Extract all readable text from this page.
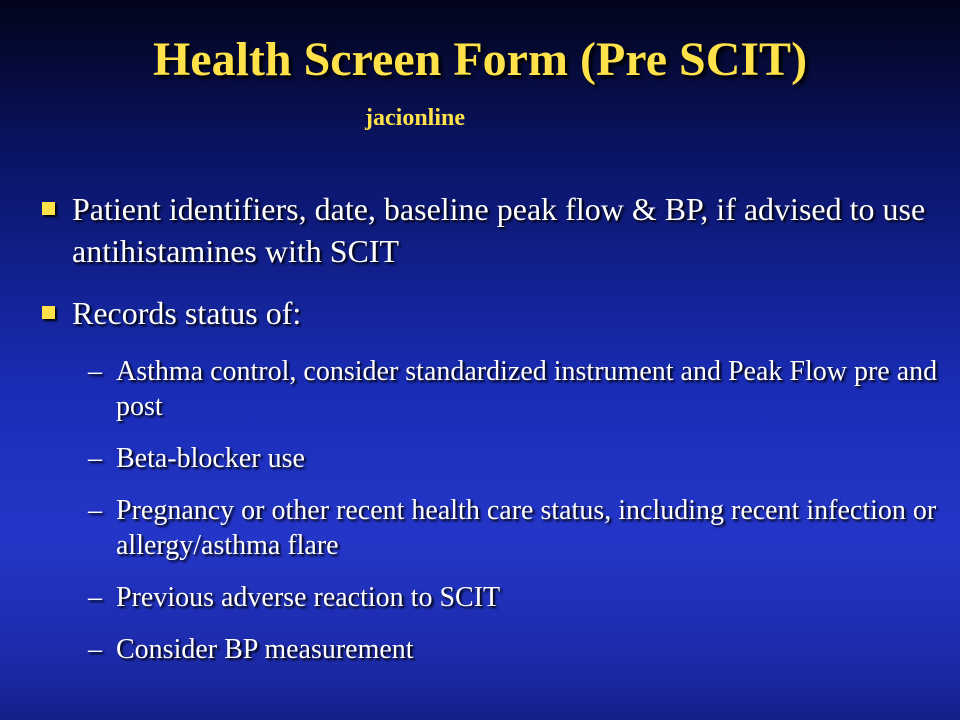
Health Screen Form (Pre SCIT)
jacionline
Patient identifiers, date, baseline peak flow & BP, if advised to use antihistamines with SCIT
Records status of:
– Asthma control, consider standardized instrument and Peak Flow pre and post
– Beta-blocker use
– Pregnancy or other recent health care status, including recent infection or allergy/asthma flare
– Previous adverse reaction to SCIT
– Consider BP measurement
